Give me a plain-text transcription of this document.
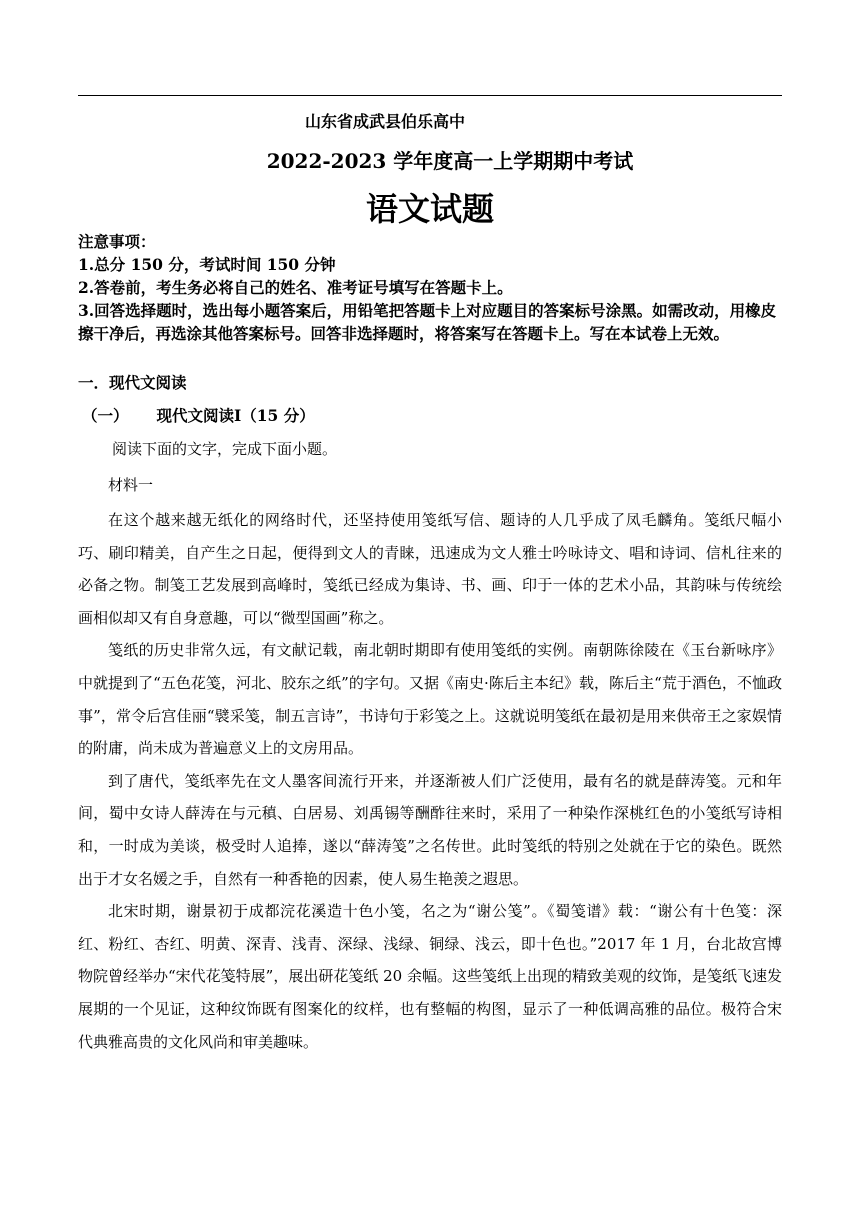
山东省成武县伯乐高中
2022-2023 学年度高一上学期期中考试
语文试题
注意事项：
1.总分 150 分，考试时间 150 分钟
2.答卷前，考生务必将自己的姓名、准考证号填写在答题卡上。
3.回答选择题时，选出每小题答案后，用铅笔把答题卡上对应题目的答案标号涂黑。如需改动，用橡皮擦干净后，再选涂其他答案标号。回答非选择题时，将答案写在答题卡上。写在本试卷上无效。
一．现代文阅读
（一） 现代文阅读Ⅰ（15 分）
阅读下面的文字，完成下面小题。
材料一

在这个越来越无纸化的网络时代，还坚持使用笺纸写信、题诗的人几乎成了凤毛麟角。笺纸尺幅小巧、刷印精美，自产生之日起，便得到文人的青睐，迅速成为文人雅士吟咏诗文、唱和诗词、信札往来的必备之物。制笺工艺发展到高峰时，笺纸已经成为集诗、书、画、印于一体的艺术小品，其韵味与传统绘画相似却又有自身意趣，可以“微型国画”称之。

笺纸的历史非常久远，有文献记载，南北朝时期即有使用笺纸的实例。南朝陈徐陵在《玉台新咏序》中就提到了“五色花笺，河北、胶东之纸”的字句。又据《南史·陈后主本纪》载，陈后主“荒于酒色，不恤政事”，常令后宫佳丽“襞采笺，制五言诗”，书诗句于彩笺之上。这就说明笺纸在最初是用来供帝王之家娱情的附庸，尚未成为普遍意义上的文房用品。

到了唐代，笺纸率先在文人墨客间流行开来，并逐渐被人们广泛使用，最有名的就是薛涛笺。元和年间，蜀中女诗人薛涛在与元稹、白居易、刘禹锡等酬酢往来时，采用了一种染作深桃红色的小笺纸写诗相和，一时成为美谈，极受时人追捧，遂以“薛涛笺”之名传世。此时笺纸的特别之处就在于它的染色。既然出于才女名媛之手，自然有一种香艳的因素，使人易生艳羡之遐思。

北宋时期，谢景初于成都浣花溪造十色小笺，名之为“谢公笺”。《蜀笺谱》载：“谢公有十色笺：深红、粉红、杏红、明黄、深青、浅青、深绿、浅绿、铜绿、浅云，即十色也。”2017 年 1 月，台北故宫博物院曾经举办“宋代花笺特展”，展出研花笺纸 20 余幅。这些笺纸上出现的精致美观的纹饰，是笺纸飞速发展期的一个见证，这种纹饰既有图案化的纹样，也有整幅的构图，显示了一种低调高雅的品位。极符合宋代典雅高贵的文化风尚和审美趣味。
